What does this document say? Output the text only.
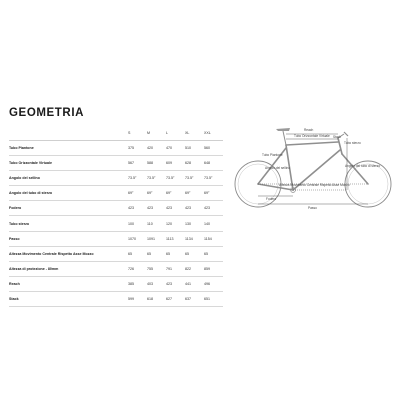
GEOMETRIA
	S	M	L	XL	XXL
Tubo Piantone	375	420	470	510	560
Tubo Orizzontale Virtuale	567	588	609	628	648
Angolo del sellino	73.5°	73.5°	73.5°	73.5°	73.5°
Angolo del tubo di sterzo	69°	69°	69°	69°	69°
Fodero	423	423	423	423	423
Tubo sterzo	100	110	120	130	140
Passo	1070	1091	1113	1134	1154
Altezza Movimento Centrale Rispetto Asse Mozzo	65	65	65	65	65
Altezza di protezione - 80mm	726	755	791	822	859
Reach	385	403	423	441	496
Stack	599	618	627	637	651
Reach
Tubo Orizzontale Virtuale Stack
Tubo sterzo
Tubo Piantone
Angolo del sellino	Angolo del tubo di sterzo
Altezza Movimento Centrale Rispetto Asse Mozzo
Fodero
Passo
